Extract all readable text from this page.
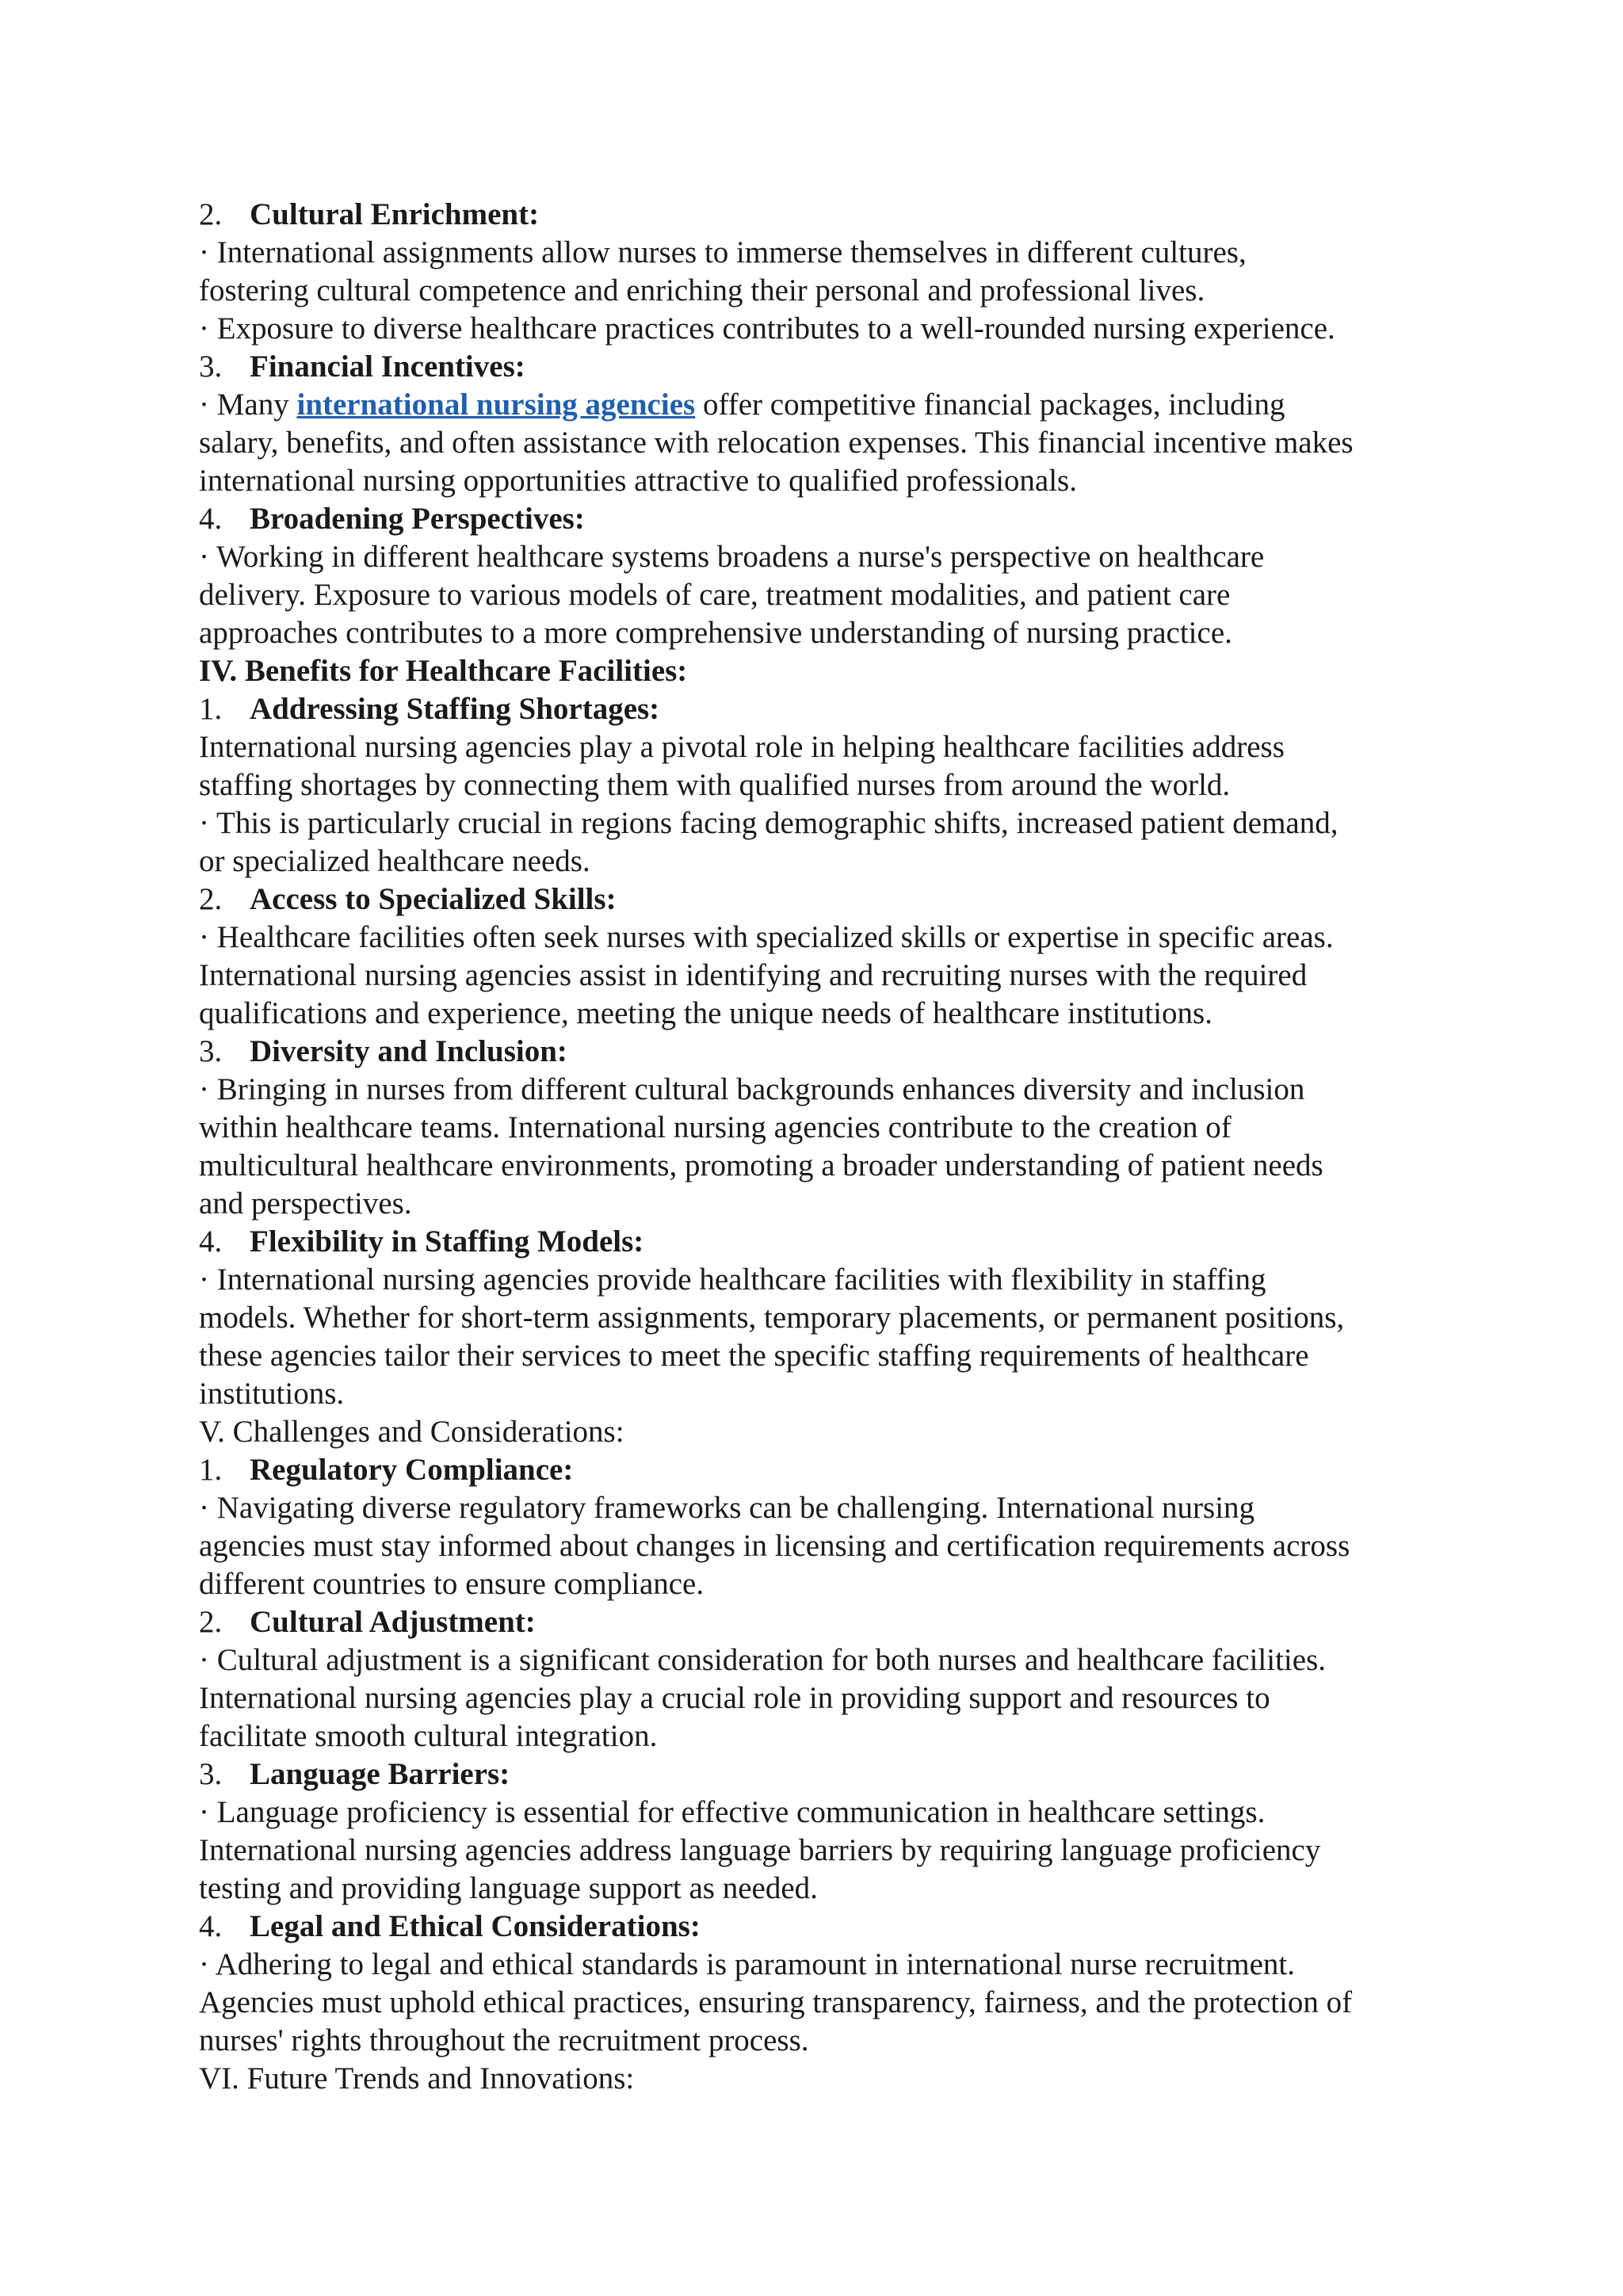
2. Cultural Enrichment:
· International assignments allow nurses to immerse themselves in different cultures,
fostering cultural competence and enriching their personal and professional lives.
· Exposure to diverse healthcare practices contributes to a well-rounded nursing experience.
3. Financial Incentives:
· Many international nursing agencies offer competitive financial packages, including
salary, benefits, and often assistance with relocation expenses. This financial incentive makes
international nursing opportunities attractive to qualified professionals.
4. Broadening Perspectives:
· Working in different healthcare systems broadens a nurse's perspective on healthcare
delivery. Exposure to various models of care, treatment modalities, and patient care
approaches contributes to a more comprehensive understanding of nursing practice.
IV. Benefits for Healthcare Facilities:
1. Addressing Staffing Shortages:
International nursing agencies play a pivotal role in helping healthcare facilities address
staffing shortages by connecting them with qualified nurses from around the world.
· This is particularly crucial in regions facing demographic shifts, increased patient demand,
or specialized healthcare needs.
2. Access to Specialized Skills:
· Healthcare facilities often seek nurses with specialized skills or expertise in specific areas.
International nursing agencies assist in identifying and recruiting nurses with the required
qualifications and experience, meeting the unique needs of healthcare institutions.
3. Diversity and Inclusion:
· Bringing in nurses from different cultural backgrounds enhances diversity and inclusion
within healthcare teams. International nursing agencies contribute to the creation of
multicultural healthcare environments, promoting a broader understanding of patient needs
and perspectives.
4. Flexibility in Staffing Models:
· International nursing agencies provide healthcare facilities with flexibility in staffing
models. Whether for short-term assignments, temporary placements, or permanent positions,
these agencies tailor their services to meet the specific staffing requirements of healthcare
institutions.
V. Challenges and Considerations:
1. Regulatory Compliance:
· Navigating diverse regulatory frameworks can be challenging. International nursing
agencies must stay informed about changes in licensing and certification requirements across
different countries to ensure compliance.
2. Cultural Adjustment:
· Cultural adjustment is a significant consideration for both nurses and healthcare facilities.
International nursing agencies play a crucial role in providing support and resources to
facilitate smooth cultural integration.
3. Language Barriers:
· Language proficiency is essential for effective communication in healthcare settings.
International nursing agencies address language barriers by requiring language proficiency
testing and providing language support as needed.
4. Legal and Ethical Considerations:
· Adhering to legal and ethical standards is paramount in international nurse recruitment.
Agencies must uphold ethical practices, ensuring transparency, fairness, and the protection of
nurses' rights throughout the recruitment process.
VI. Future Trends and Innovations:
